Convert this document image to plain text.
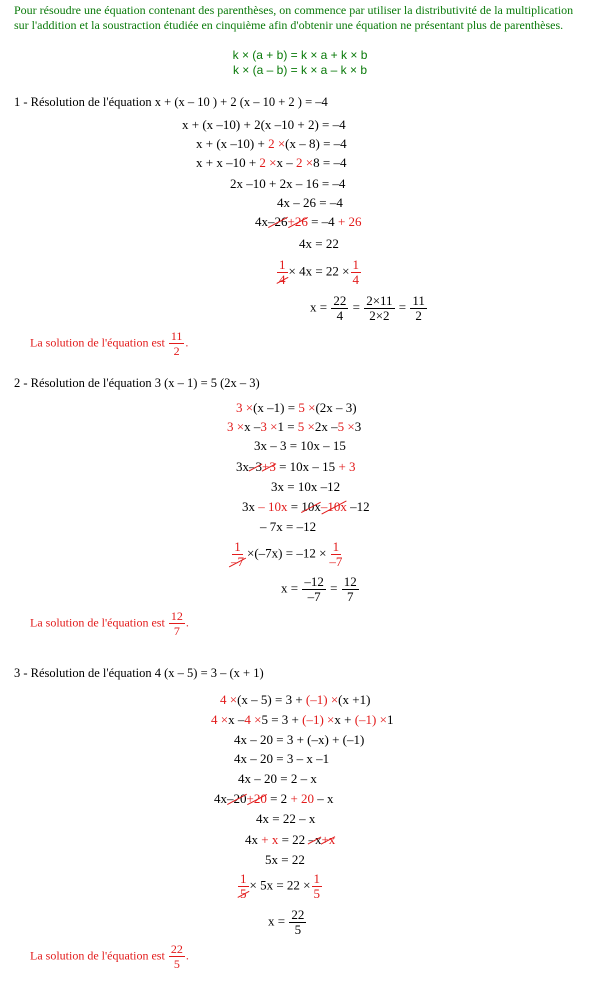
Pour résoudre une équation contenant des parenthèses, on commence par utiliser la distributivité de la multiplication sur l'addition et la soustraction étudiée en cinquième afin d'obtenir une équation ne présentant plus de parenthèses.

k × (a + b) = k × a + k × b
k × (a – b) = k × a – k × b
1 - Résolution de l'équation x + (x – 10 ) + 2 (x – 10 + 2 ) = –4
x + (x –10) + 2(x –10 + 2) = –4
x + (x –10) + 2 ×(x – 8) = –4
x + x –10 + 2 ×x – 2 ×8 = –4
2x –10 + 2x – 16 = –4
4x – 26 = –4
4x–26+26 = –4 + 26
4x = 22
$\frac{1}{4} \times 4x = 22 \times \frac{1}{4}$
$x = \frac{22}{4} = \frac{2\times 11}{2\times 2} = \frac{11}{2}$
La solution de l'équation est $\frac{11}{2}$ .
2 - Résolution de l'équation 3 (x – 1) = 5 (2x – 3)
3 ×(x –1) = 5 ×(2x – 3)
3 ×x –3 ×1 = 5 ×2x –5 ×3
3x – 3 = 10x – 15
3x–3+3 = 10x – 15 + 3
3x = 10x –12
3x – 10x = 10x–10x –12
– 7x = –12
$\frac{1}{-7} \times(-7x) = -12 \times \frac{1}{-7}$
$x = \frac{-12}{-7} = \frac{12}{7}$
La solution de l'équation est $\frac{12}{7}$ .
3 - Résolution de l'équation 4 (x – 5) = 3 – (x + 1)
4 ×(x – 5) = 3 + (–1) ×(x +1)
4 ×x –4 ×5 = 3 + (–1) ×x + (–1) ×1
4x – 20 = 3 + (–x) + (–1)
4x – 20 = 3 – x –1
4x – 20 = 2 – x
4x–20+20 = 2 + 20 – x
4x = 22 – x
4x + x = 22 –x+x
5x = 22
$\frac{1}{5} \times 5x = 22 \times \frac{1}{5}$
$x = \frac{22}{5}$
La solution de l'équation est $\frac{22}{5}$ .
